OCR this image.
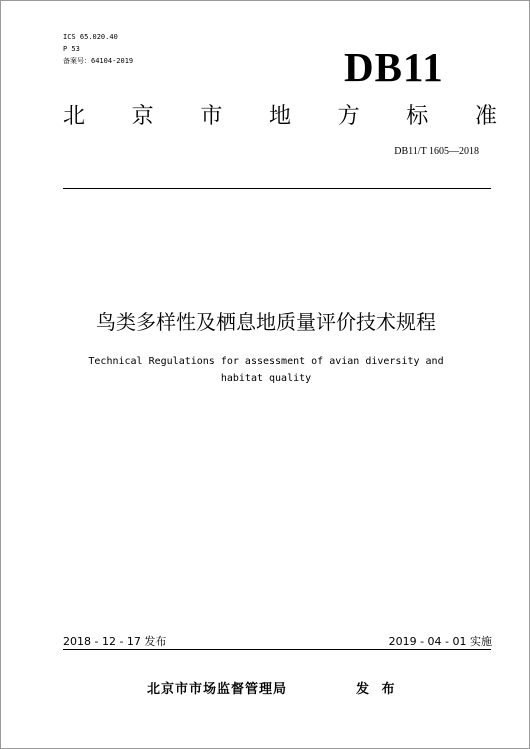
ICS 65.020.40
P 53
备案号：64104-2019	DB11
北 京 市 地 方 标 准
DB11/T 1605—2018
鸟类多样性及栖息地质量评价技术规程
Technical Regulations for assessment of avian diversity and
habitat quality
2018 - 12 - 17 发布	2019 - 04 - 01 实施
北京市市场监督管理局	发 布
